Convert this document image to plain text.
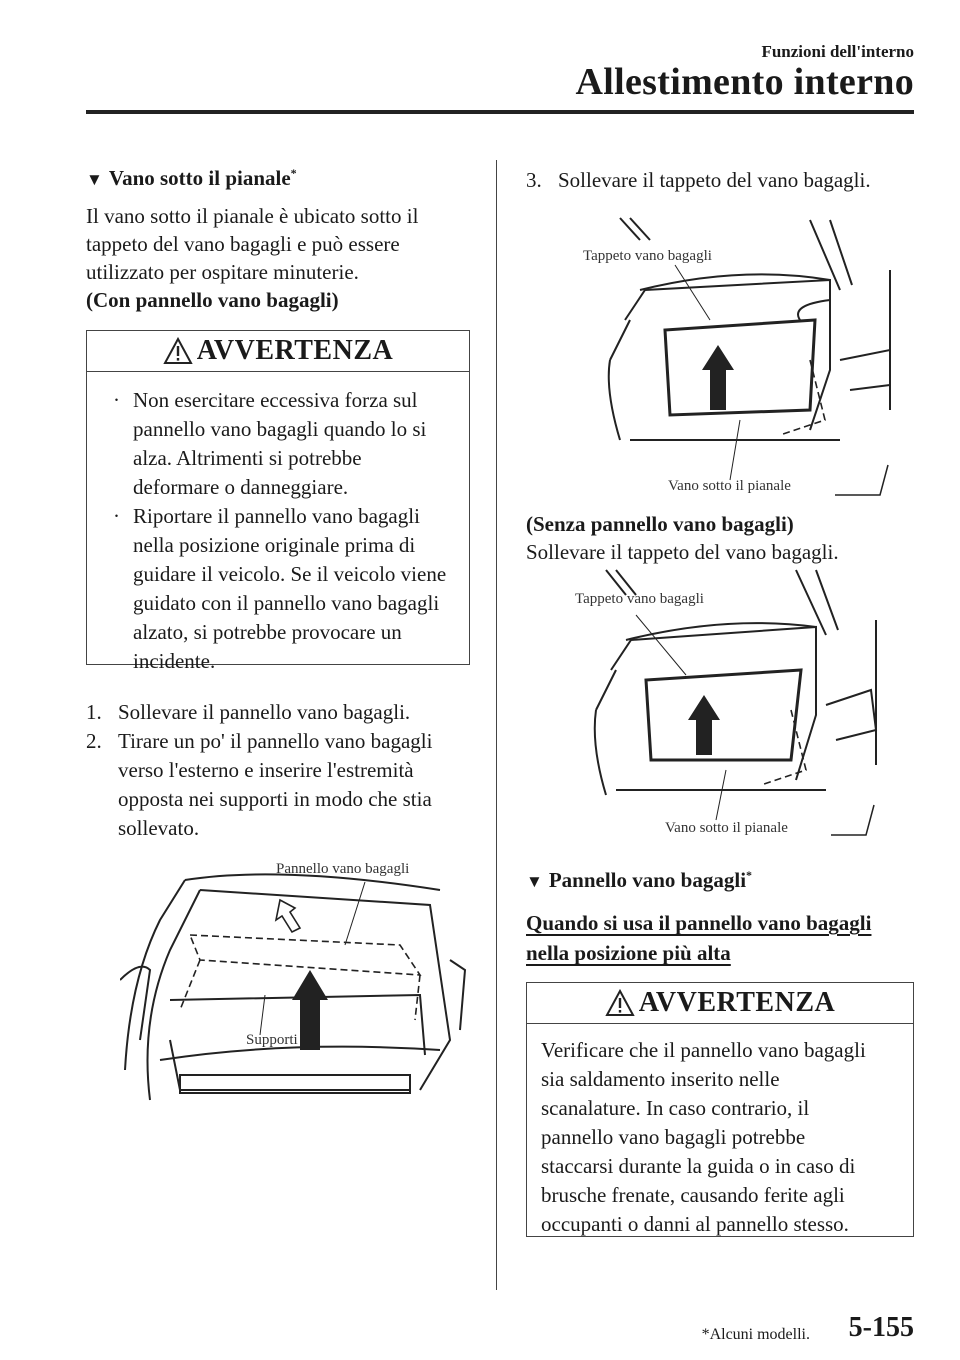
Funzioni dell'interno
Allestimento interno
▼ Vano sotto il pianale*
Il vano sotto il pianale è ubicato sotto il
tappeto del vano bagagli e può essere
utilizzato per ospitare minuterie.
(Con pannello vano bagagli)
AVVERTENZA
· Non esercitare eccessiva forza sul
pannello vano bagagli quando lo si
alza. Altrimenti si potrebbe
deformare o danneggiare.
· Riportare il pannello vano bagagli
nella posizione originale prima di
guidare il veicolo. Se il veicolo viene
guidato con il pannello vano bagagli
alzato, si potrebbe provocare un
incidente.
1. Sollevare il pannello vano bagagli.
2. Tirare un po' il pannello vano bagagli
verso l'esterno e inserire l'estremità
opposta nei supporti in modo che stia
sollevato.
Pannello vano bagagli
Supporti
3. Sollevare il tappeto del vano bagagli.
Tappeto vano bagagli
Vano sotto il pianale
(Senza pannello vano bagagli)
Sollevare il tappeto del vano bagagli.
Tappeto vano bagagli
Vano sotto il pianale
▼ Pannello vano bagagli*
Quando si usa il pannello vano bagagli
nella posizione più alta
AVVERTENZA
Verificare che il pannello vano bagagli
sia saldamento inserito nelle
scanalature. In caso contrario, il
pannello vano bagagli potrebbe
staccarsi durante la guida o in caso di
brusche frenate, causando ferite agli
occupanti o danni al pannello stesso.
*Alcuni modelli. 5-155
